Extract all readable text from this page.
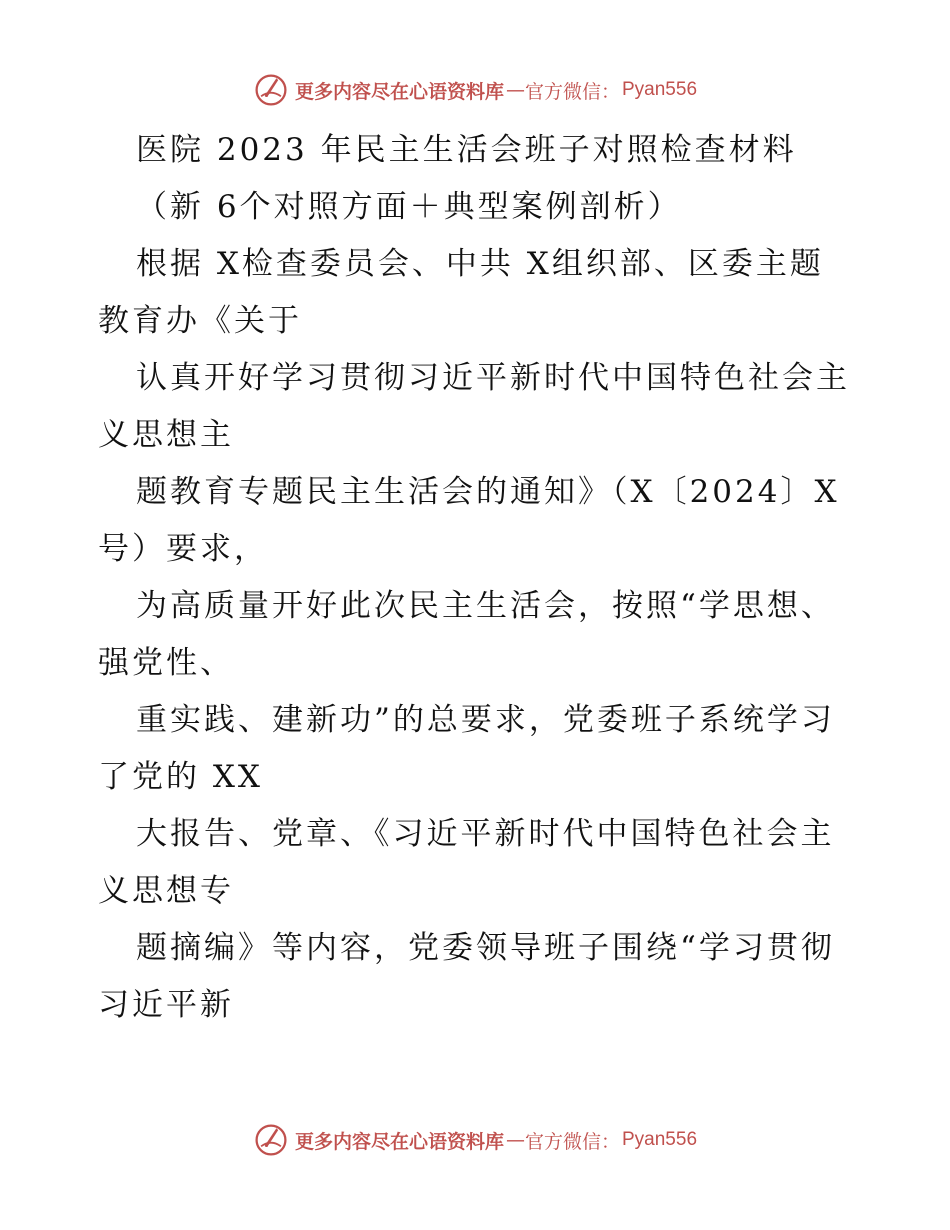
更多内容尽在心语资料库 — 官方微信： Pyan556
医院 2023 年民主生活会班子对照检查材料
（新 6个对照方面＋典型案例剖析）
根据 X检查委员会、中共 X组织部、区委主题
教育办《关于
认真开好学习贯彻习近平新时代中国特色社会主
义思想主
题教育专题民主生活会的通知》（X〔2024〕X
号）要求，
为高质量开好此次民主生活会，按照“学思想、
强党性、
重实践、建新功”的总要求，党委班子系统学习
了党的 XX
大报告、党章、《习近平新时代中国特色社会主
义思想专
题摘编》等内容，党委领导班子围绕“学习贯彻
习近平新
更多内容尽在心语资料库 — 官方微信： Pyan556
